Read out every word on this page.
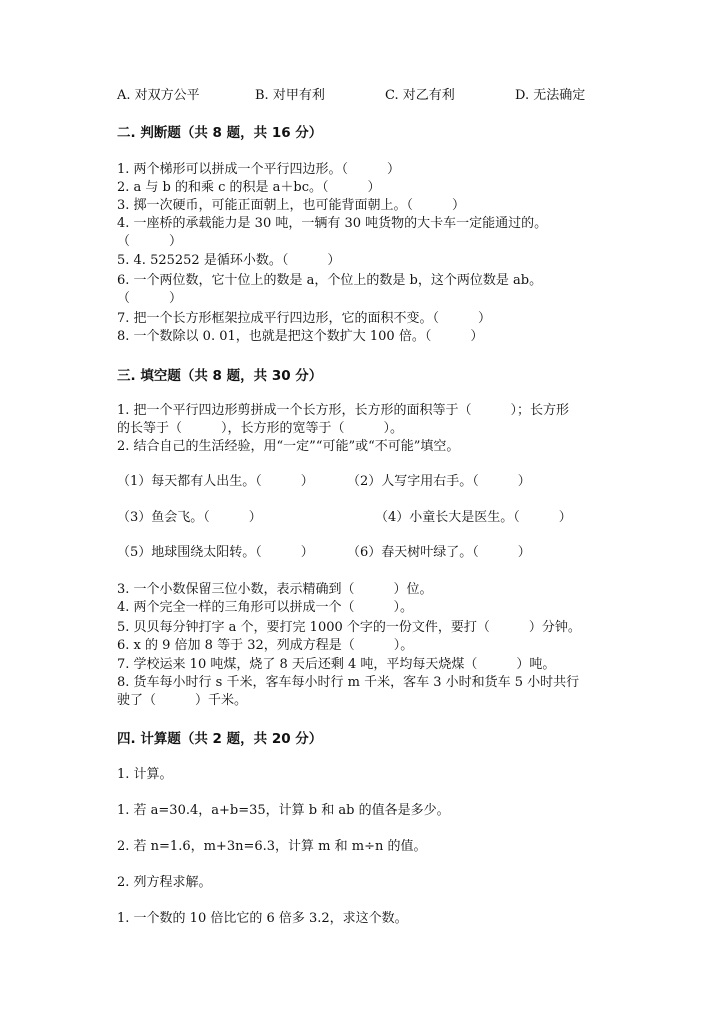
A. 对双方公平	B. 对甲有利	C. 对乙有利	D. 无法确定
二. 判断题（共 8 题，共 16 分）
1. 两个梯形可以拼成一个平行四边形。（　　　）
2. a 与 b 的和乘 c 的积是 a＋bc。（　　　）
3. 掷一次硬币，可能正面朝上，也可能背面朝上。（　　　）
4. 一座桥的承载能力是 30 吨，一辆有 30 吨货物的大卡车一定能通过的。
（　　　）
5. 4. 525252 是循环小数。（　　　）
6. 一个两位数，它十位上的数是 a，个位上的数是 b，这个两位数是 ab。
（　　　）
7. 把一个长方形框架拉成平行四边形，它的面积不变。（　　　）
8. 一个数除以 0. 01，也就是把这个数扩大 100 倍。（　　　）
三. 填空题（共 8 题，共 30 分）
1. 把一个平行四边形剪拼成一个长方形，长方形的面积等于（　　　）；长方形
的长等于（　　　），长方形的宽等于（　　　）。
2. 结合自己的生活经验，用“一定”“可能”或“不可能”填空。
（1）每天都有人出生。（　　　）	（2）人写字用右手。（　　　）
（3）鱼会飞。（　　　）	（4）小童长大是医生。（　　　）
（5）地球围绕太阳转。（　　　）	（6）春天树叶绿了。（　　　）
3. 一个小数保留三位小数，表示精确到（　　　）位。
4. 两个完全一样的三角形可以拼成一个（　　　）。
5. 贝贝每分钟打字 a 个，要打完 1000 个字的一份文件，要打（　　　）分钟。
6. x 的 9 倍加 8 等于 32，列成方程是（　　　）。
7. 学校运来 10 吨煤，烧了 8 天后还剩 4 吨，平均每天烧煤（　　　）吨。
8. 货车每小时行 s 千米，客车每小时行 m 千米，客车 3 小时和货车 5 小时共行
驶了（　　　）千米。
四. 计算题（共 2 题，共 20 分）
1. 计算。
1. 若 a=30.4，a+b=35，计算 b 和 ab 的值各是多少。
2. 若 n=1.6，m+3n=6.3，计算 m 和 m÷n 的值。
2. 列方程求解。
1. 一个数的 10 倍比它的 6 倍多 3.2，求这个数。
